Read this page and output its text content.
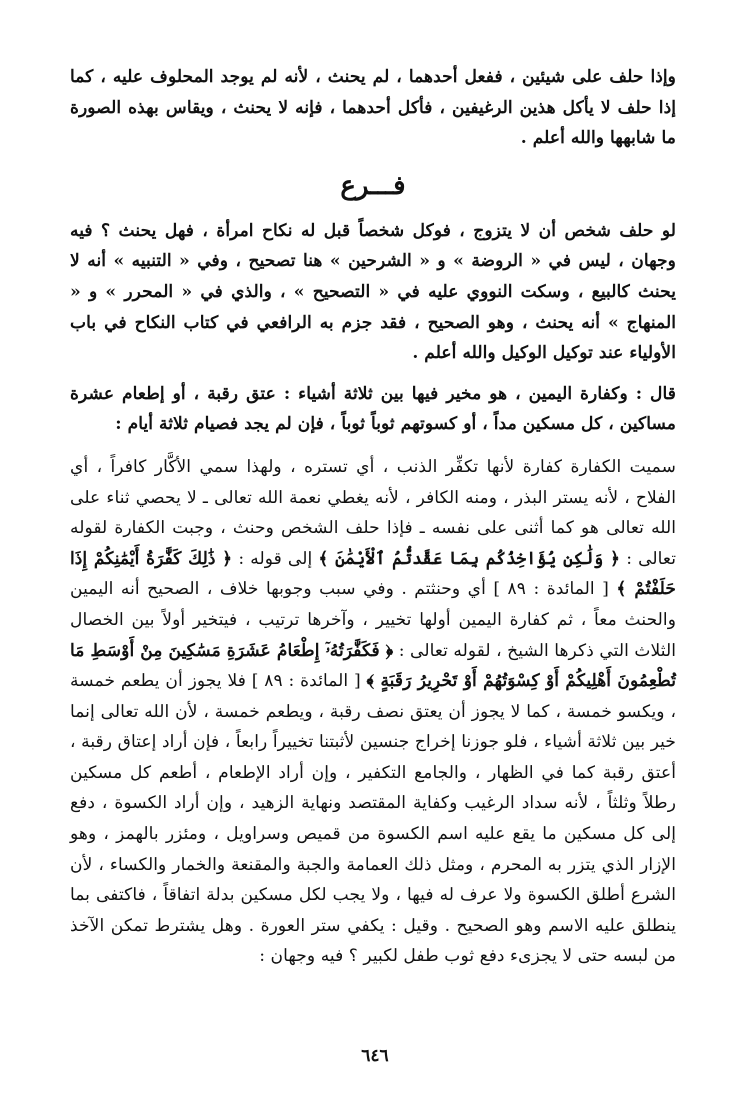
وإذا حلف على شيئين ، ففعل أحدهما ، لم يحنث ، لأنه لم يوجد المحلوف عليه ، كما إذا حلف لا يأكل هذين الرغيفين ، فأكل أحدهما ، فإنه لا يحنث ، ويقاس بهذه الصورة ما شابهها والله أعلم .

فـــرع

لو حلف شخص أن لا يتزوج ، فوكل شخصاً قبل له نكاح امرأة ، فهل يحنث ؟ فيه وجهان ، ليس في « الروضة » و « الشرحين » هنا تصحيح ، وفي « التنبيه » أنه لا يحنث كالبيع ، وسكت النووي عليه في « التصحيح » ، والذي في « المحرر » و « المنهاج » أنه يحنث ، وهو الصحيح ، فقد جزم به الرافعي في كتاب النكاح في باب الأولياء عند توكيل الوكيل والله أعلم .

قال : وكفارة اليمين ، هو مخير فيها بين ثلاثة أشياء : عتق رقبة ، أو إطعام عشرة مساكين ، كل مسكين مداً ، أو كسوتهم ثوباً ثوباً ، فإن لم يجد فصيام ثلاثة أيام :

سميت الكفارة كفارة لأنها تكفِّر الذنب ، أي تستره ، ولهذا سمي الأكَّار كافراً ، أي الفلاح ، لأنه يستر البذر ، ومنه الكافر ، لأنه يغطي نعمة الله تعالى ـ لا يحصي ثناء على الله تعالى هو كما أثنى على نفسه ـ فإذا حلف الشخص وحنث ، وجبت الكفارة لقوله تعالى : ﴿ وَلَٰكِن يُؤَاخِذُكُم بِمَا عَقَّدتُّمُ ٱلْأَيْمَٰنَ ﴾ إلى قوله : ﴿ ذَٰلِكَ كَفَّٰرَةُ أَيْمَٰنِكُمْ إِذَا حَلَفْتُمْ ﴾ [ المائدة : ٨٩ ] أي وحنثتم . وفي سبب وجوبها خلاف ، الصحيح أنه اليمين والحنث معاً ، ثم كفارة اليمين أولها تخيير ، وآخرها ترتيب ، فيتخير أولاً بين الخصال الثلاث التي ذكرها الشيخ ، لقوله تعالى : ﴿ فَكَفَّٰرَتُهُۥٓ إِطْعَامُ عَشَرَةِ مَسَٰكِينَ مِنْ أَوْسَطِ مَا تُطْعِمُونَ أَهْلِيكُمْ أَوْ كِسْوَتُهُمْ أَوْ تَحْرِيرُ رَقَبَةٍ ﴾ [ المائدة : ٨٩ ] فلا يجوز أن يطعم خمسة ، ويكسو خمسة ، كما لا يجوز أن يعتق نصف رقبة ، ويطعم خمسة ، لأن الله تعالى إنما خير بين ثلاثة أشياء ، فلو جوزنا إخراج جنسين لأثبتنا تخييراً رابعاً ، فإن أراد إعتاق رقبة ، أعتق رقبة كما في الظهار ، والجامع التكفير ، وإن أراد الإطعام ، أطعم كل مسكين رطلاً وثلثاً ، لأنه سداد الرغيب وكفاية المقتصد ونهاية الزهيد ، وإن أراد الكسوة ، دفع إلى كل مسكين ما يقع عليه اسم الكسوة من قميص وسراويل ، ومئزر بالهمز ، وهو الإزار الذي يتزر به المحرم ، ومثل ذلك العمامة والجبة والمقنعة والخمار والكساء ، لأن الشرع أطلق الكسوة ولا عرف له فيها ، ولا يجب لكل مسكين بدلة اتفاقاً ، فاكتفى بما ينطلق عليه الاسم وهو الصحيح . وقيل : يكفي ستر العورة . وهل يشترط تمكن الآخذ من لبسه حتى لا يجزىء دفع ثوب طفل لكبير ؟ فيه وجهان :

٦٤٦
